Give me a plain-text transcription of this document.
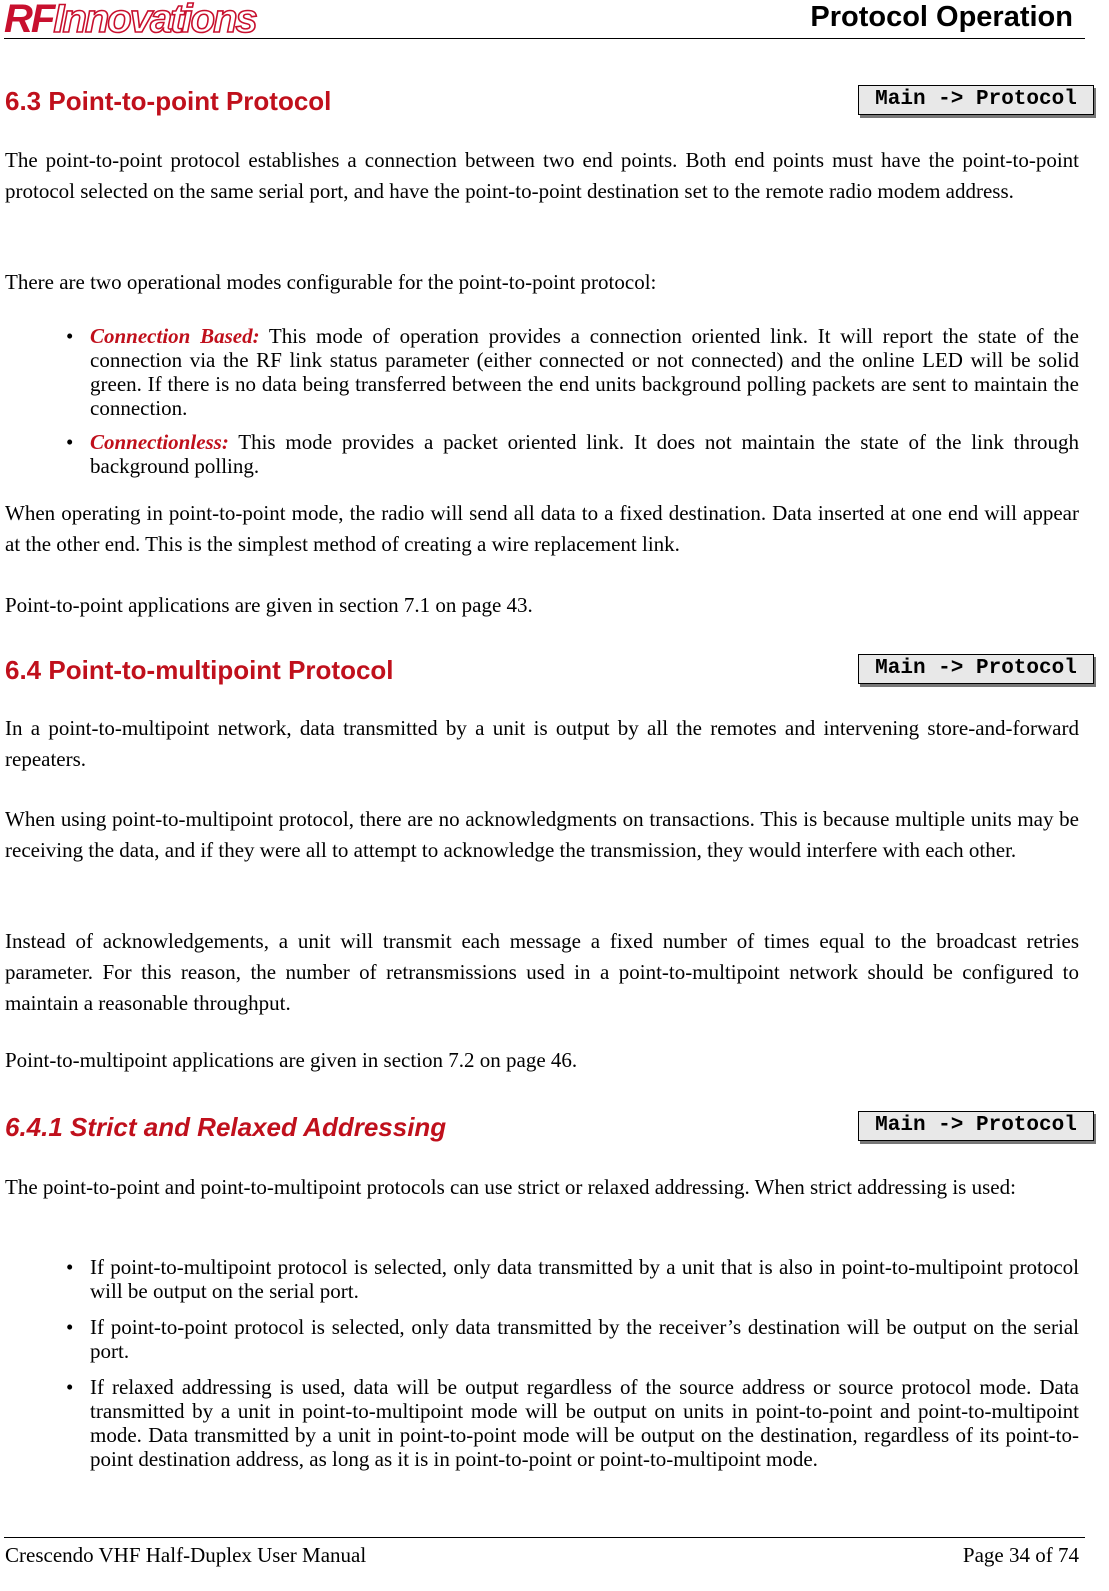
RFInnovations	Protocol Operation
6.3 Point-to-point Protocol	Main -> Protocol

The point-to-point protocol establishes a connection between two end points. Both end points must have the point-to-point protocol selected on the same serial port, and have the point-to-point destination set to the remote radio modem address.

There are two operational modes configurable for the point-to-point protocol:

• Connection Based: This mode of operation provides a connection oriented link. It will report the state of the connection via the RF link status parameter (either connected or not connected) and the online LED will be solid green. If there is no data being transferred between the end units background polling packets are sent to maintain the connection.
• Connectionless: This mode provides a packet oriented link. It does not maintain the state of the link through background polling.

When operating in point-to-point mode, the radio will send all data to a fixed destination. Data inserted at one end will appear at the other end. This is the simplest method of creating a wire replacement link.

Point-to-point applications are given in section 7.1 on page 43.

6.4 Point-to-multipoint Protocol	Main -> Protocol

In a point-to-multipoint network, data transmitted by a unit is output by all the remotes and intervening store-and-forward repeaters.

When using point-to-multipoint protocol, there are no acknowledgments on transactions. This is because multiple units may be receiving the data, and if they were all to attempt to acknowledge the transmission, they would interfere with each other.

Instead of acknowledgements, a unit will transmit each message a fixed number of times equal to the broadcast retries parameter. For this reason, the number of retransmissions used in a point-to-multipoint network should be configured to maintain a reasonable throughput.

Point-to-multipoint applications are given in section 7.2 on page 46.

6.4.1 Strict and Relaxed Addressing	Main -> Protocol

The point-to-point and point-to-multipoint protocols can use strict or relaxed addressing. When strict addressing is used:

• If point-to-multipoint protocol is selected, only data transmitted by a unit that is also in point-to-multipoint protocol will be output on the serial port.
• If point-to-point protocol is selected, only data transmitted by the receiver’s destination will be output on the serial port.
• If relaxed addressing is used, data will be output regardless of the source address or source protocol mode. Data transmitted by a unit in point-to-multipoint mode will be output on units in point-to-point and point-to-multipoint mode. Data transmitted by a unit in point-to-point mode will be output on the destination, regardless of its point-to-point destination address, as long as it is in point-to-point or point-to-multipoint mode.
Crescendo VHF Half-Duplex User Manual	Page 34 of 74
